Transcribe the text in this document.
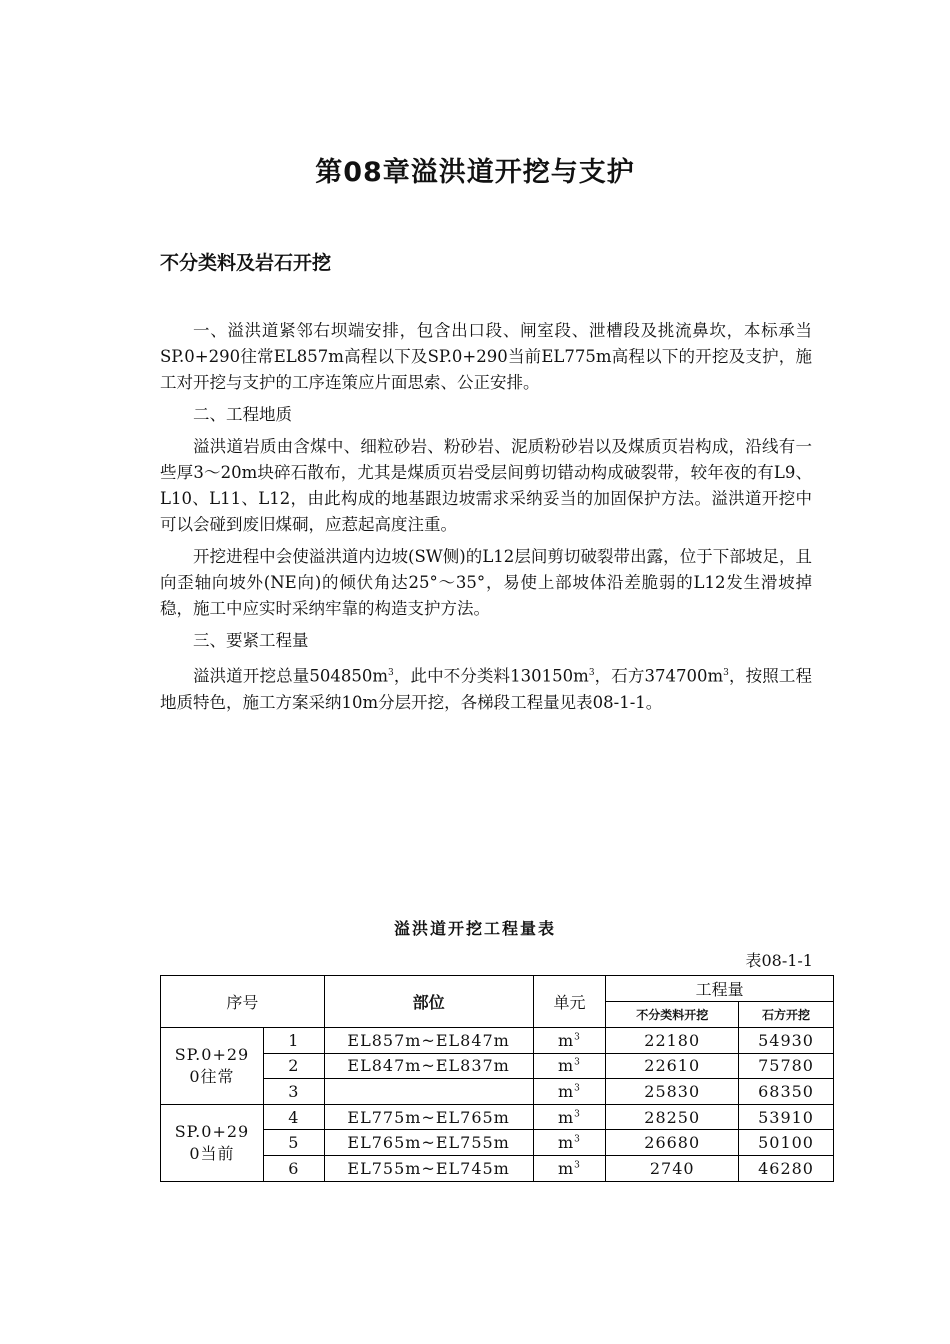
第08章溢洪道开挖与支护
不分类料及岩石开挖

一、溢洪道紧邻右坝端安排，包含出口段、闸室段、泄槽段及挑流鼻坎，本标承当SP.0+290往常EL857m高程以下及SP.0+290当前EL775m高程以下的开挖及支护，施工对开挖与支护的工序连策应片面思索、公正安排。

二、工程地质

溢洪道岩质由含煤中、细粒砂岩、粉砂岩、泥质粉砂岩以及煤质页岩构成，沿线有一些厚3～20m块碎石散布，尤其是煤质页岩受层间剪切错动构成破裂带，较年夜的有L9、L10、L11、L12，由此构成的地基跟边坡需求采纳妥当的加固保护方法。溢洪道开挖中可以会碰到废旧煤硐，应惹起高度注重。

开挖进程中会使溢洪道内边坡(SW侧)的L12层间剪切破裂带出露，位于下部坡足，且向歪轴向坡外(NE向)的倾伏角达25°～35°，易使上部坡体沿差脆弱的L12发生滑坡掉稳，施工中应实时采纳牢靠的构造支护方法。

三、要紧工程量

溢洪道开挖总量$504850m^3$，此中不分类料$130150m^3$，石方$374700m^3$，按照工程地质特色，施工方案采纳10m分层开挖，各梯段工程量见表08-1-1。

溢洪道开挖工程量表
表08-1-1
序号		部位	单元	工程量	
				不分类料开挖	石方开挖
SP.0+29
0往常	1	EL857m~EL847m	$m^3$	22180	54930
	2	EL847m~EL837m	$m^3$	22610	75780
	3		$m^3$	25830	68350
SP.0+29
0当前	4	EL775m~EL765m	$m^3$	28250	53910
	5	EL765m~EL755m	$m^3$	26680	50100
	6	EL755m~EL745m	$m^3$	2740	46280
